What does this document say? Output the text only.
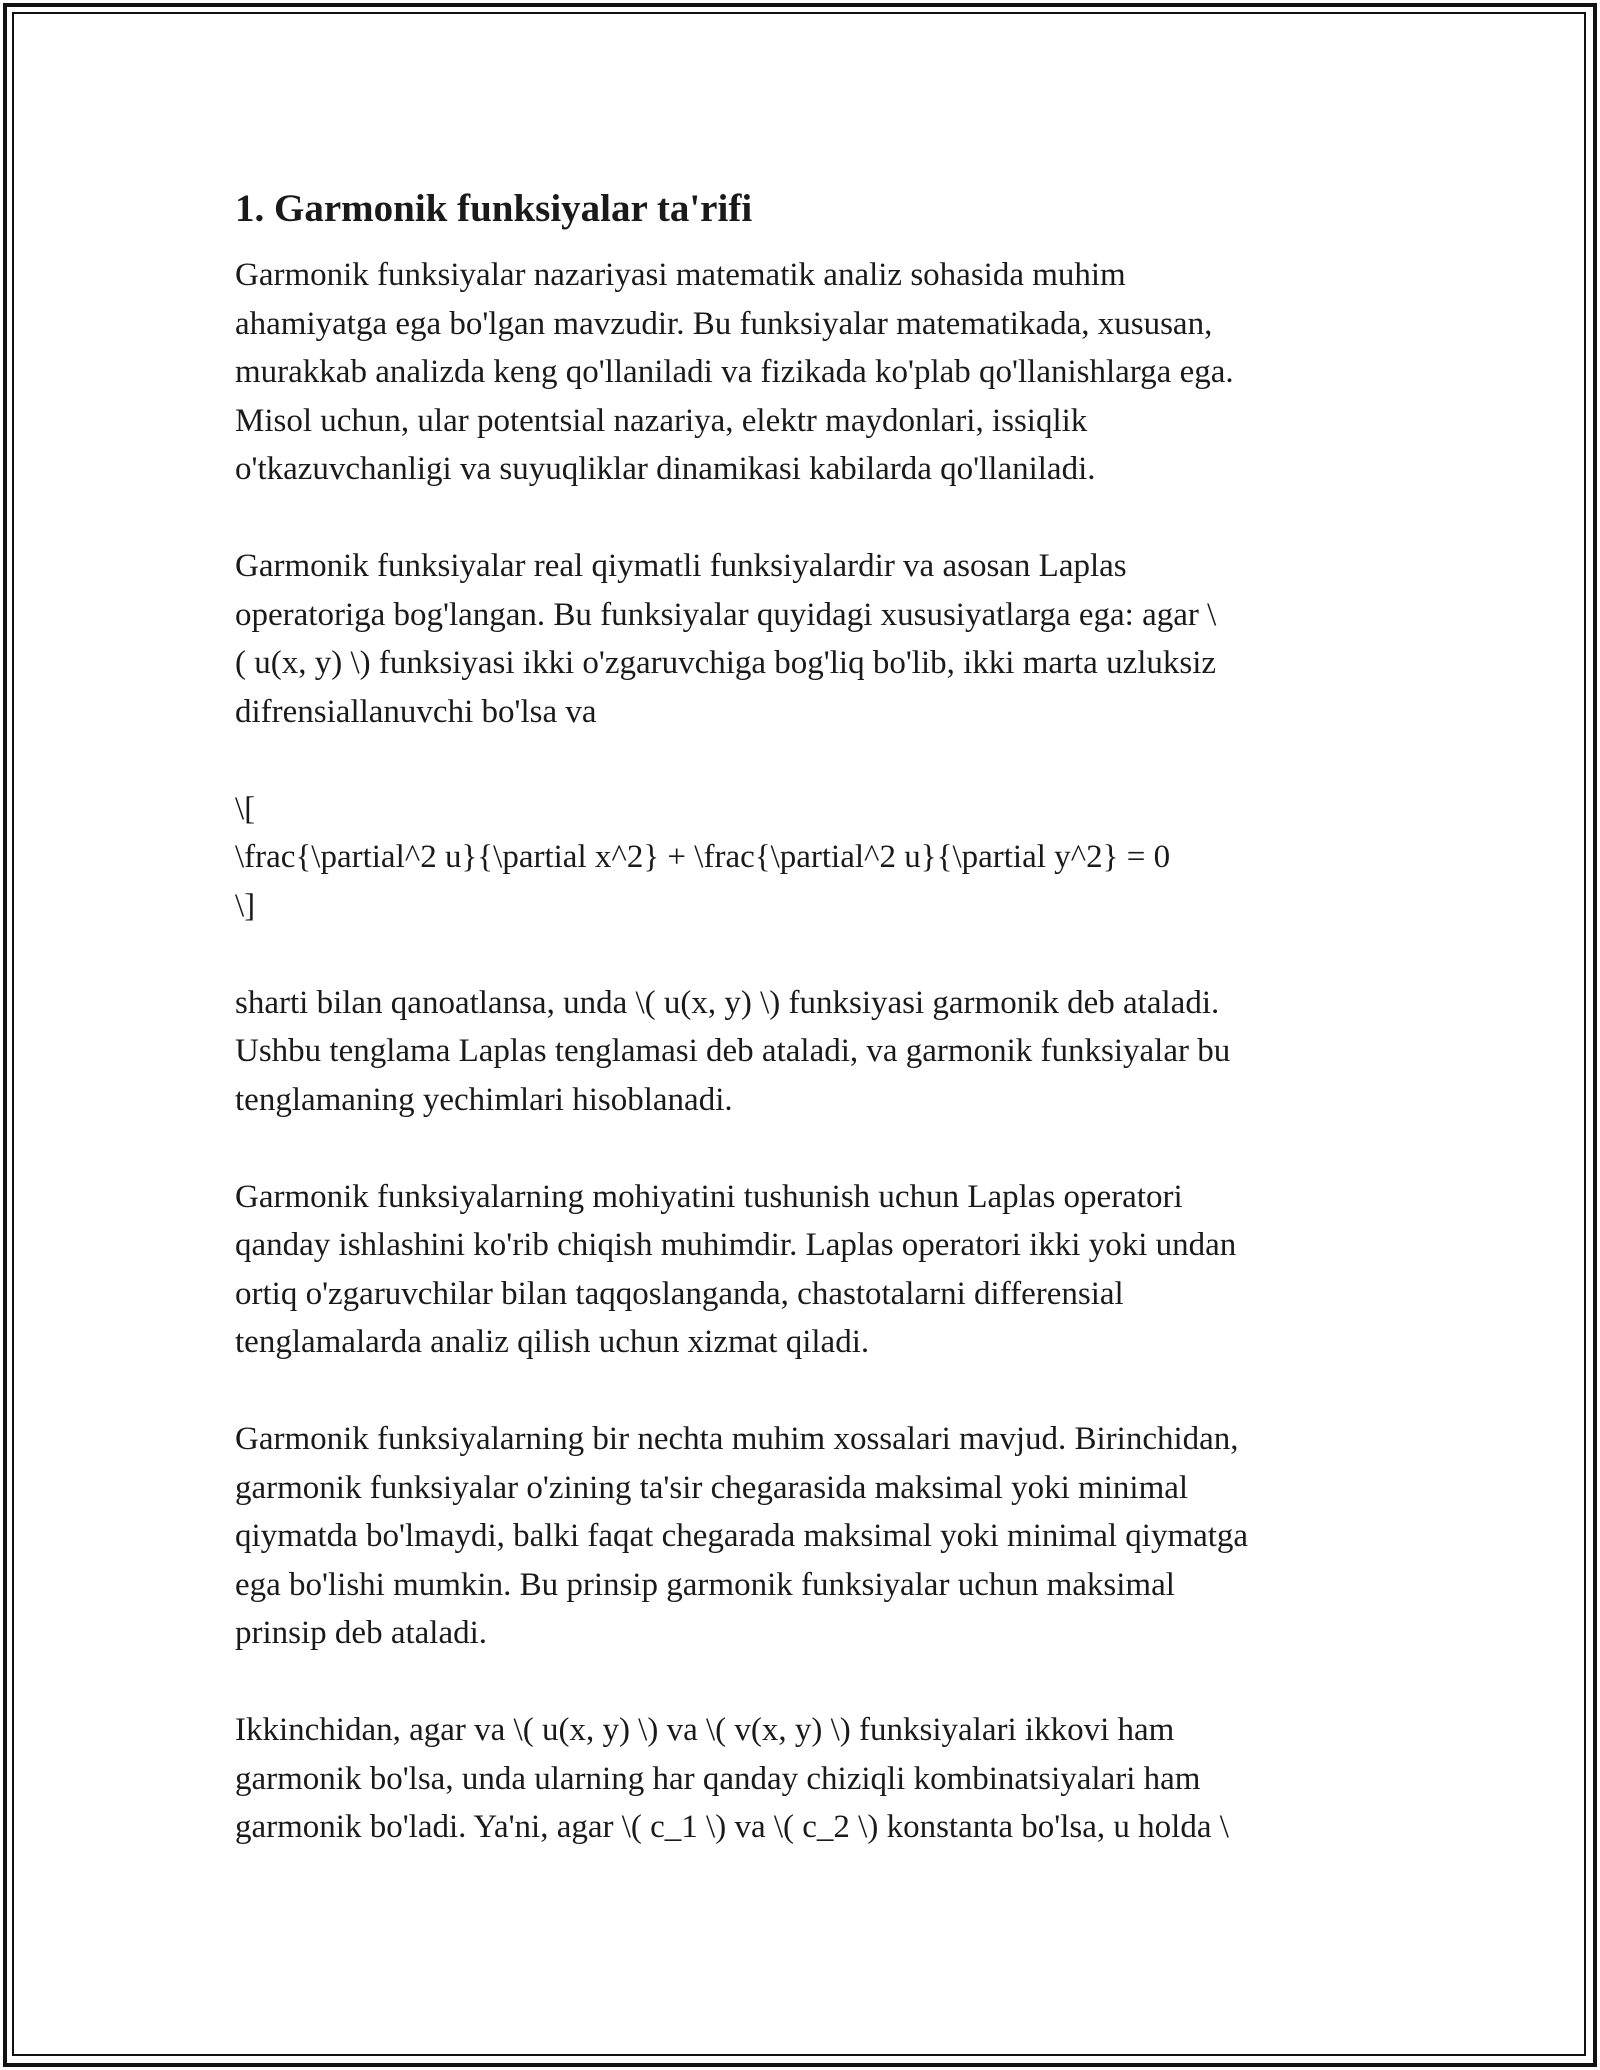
1. Garmonik funksiyalar ta'rifi

Garmonik funksiyalar nazariyasi matematik analiz sohasida muhim
ahamiyatga ega bo'lgan mavzudir. Bu funksiyalar matematikada, xususan,
murakkab analizda keng qo'llaniladi va fizikada ko'plab qo'llanishlarga ega.
Misol uchun, ular potentsial nazariya, elektr maydonlari, issiqlik
o'tkazuvchanligi va suyuqliklar dinamikasi kabilarda qo'llaniladi.

Garmonik funksiyalar real qiymatli funksiyalardir va asosan Laplas
operatoriga bog'langan. Bu funksiyalar quyidagi xususiyatlarga ega: agar \
( u(x, y) \) funksiyasi ikki o'zgaruvchiga bog'liq bo'lib, ikki marta uzluksiz
difrensiallanuvchi bo'lsa va

\[
\frac{\partial^2 u}{\partial x^2} + \frac{\partial^2 u}{\partial y^2} = 0
\]

sharti bilan qanoatlansa, unda \( u(x, y) \) funksiyasi garmonik deb ataladi.
Ushbu tenglama Laplas tenglamasi deb ataladi, va garmonik funksiyalar bu
tenglamaning yechimlari hisoblanadi.

Garmonik funksiyalarning mohiyatini tushunish uchun Laplas operatori
qanday ishlashini ko'rib chiqish muhimdir. Laplas operatori ikki yoki undan
ortiq o'zgaruvchilar bilan taqqoslanganda, chastotalarni differensial
tenglamalarda analiz qilish uchun xizmat qiladi.

Garmonik funksiyalarning bir nechta muhim xossalari mavjud. Birinchidan,
garmonik funksiyalar o'zining ta'sir chegarasida maksimal yoki minimal
qiymatda bo'lmaydi, balki faqat chegarada maksimal yoki minimal qiymatga
ega bo'lishi mumkin. Bu prinsip garmonik funksiyalar uchun maksimal
prinsip deb ataladi.

Ikkinchidan, agar va \( u(x, y) \) va \( v(x, y) \) funksiyalari ikkovi ham
garmonik bo'lsa, unda ularning har qanday chiziqli kombinatsiyalari ham
garmonik bo'ladi. Ya'ni, agar \( c_1 \) va \( c_2 \) konstanta bo'lsa, u holda \
